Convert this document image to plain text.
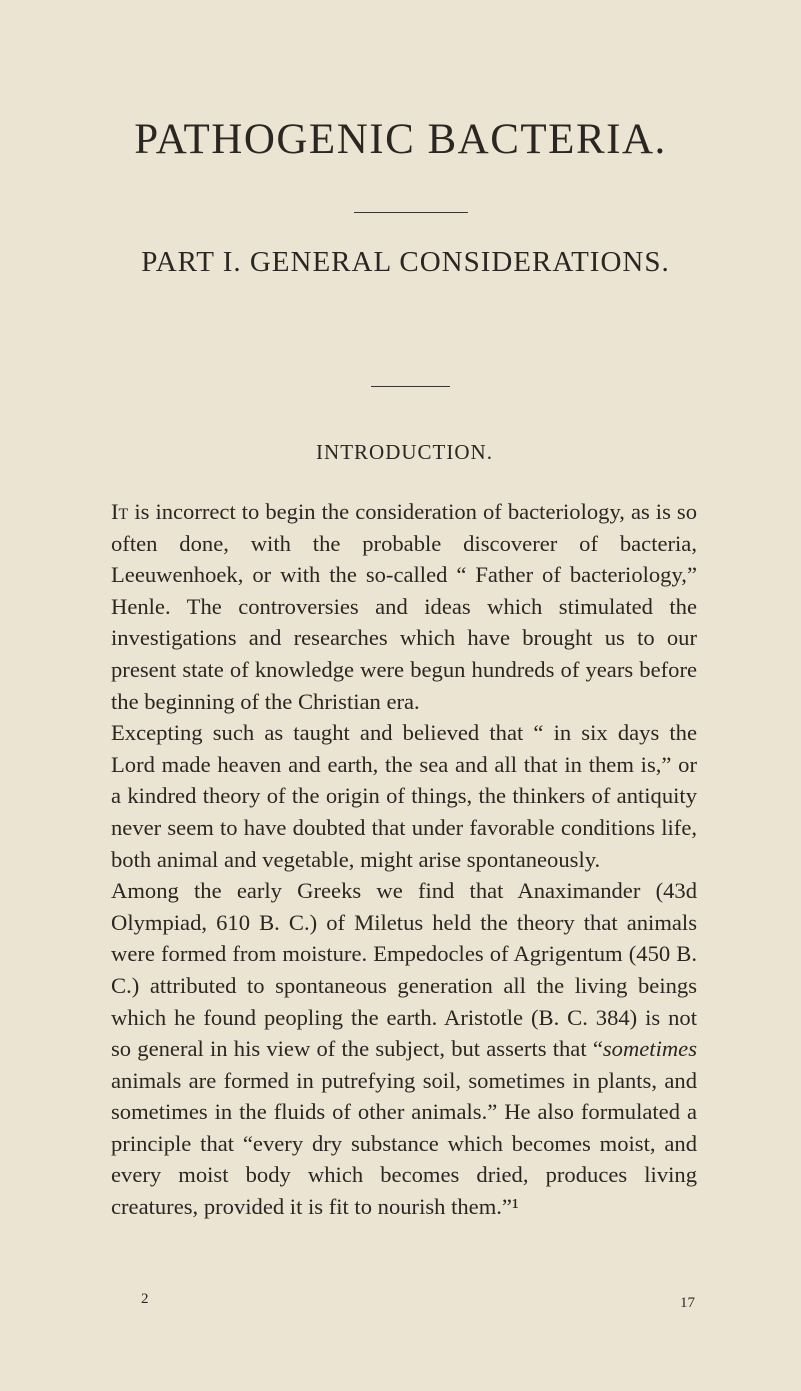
PATHOGENIC BACTERIA.
PART I. GENERAL CONSIDERATIONS.
INTRODUCTION.

It is incorrect to begin the consideration of bacteriology, as is so often done, with the probable discoverer of bacteria, Leeuwenhoek, or with the so-called “ Father of bacteriology,” Henle. The controversies and ideas which stimulated the investigations and researches which have brought us to our present state of knowledge were begun hundreds of years before the beginning of the Christian era.

Excepting such as taught and believed that “ in six days the Lord made heaven and earth, the sea and all that in them is,” or a kindred theory of the origin of things, the thinkers of antiquity never seem to have doubted that under favorable conditions life, both animal and vegetable, might arise spontaneously.

Among the early Greeks we find that Anaximander (43d Olympiad, 610 B. C.) of Miletus held the theory that animals were formed from moisture. Empedocles of Agrigentum (450 B. C.) attributed to spontaneous generation all the living beings which he found peopling the earth. Aristotle (B. C. 384) is not so general in his view of the subject, but asserts that “sometimes animals are formed in putrefying soil, sometimes in plants, and sometimes in the fluids of other animals.” He also formulated a principle that “every dry substance which becomes moist, and every moist body which becomes dried, produces living creatures, provided it is fit to nourish them.”¹

2	17
